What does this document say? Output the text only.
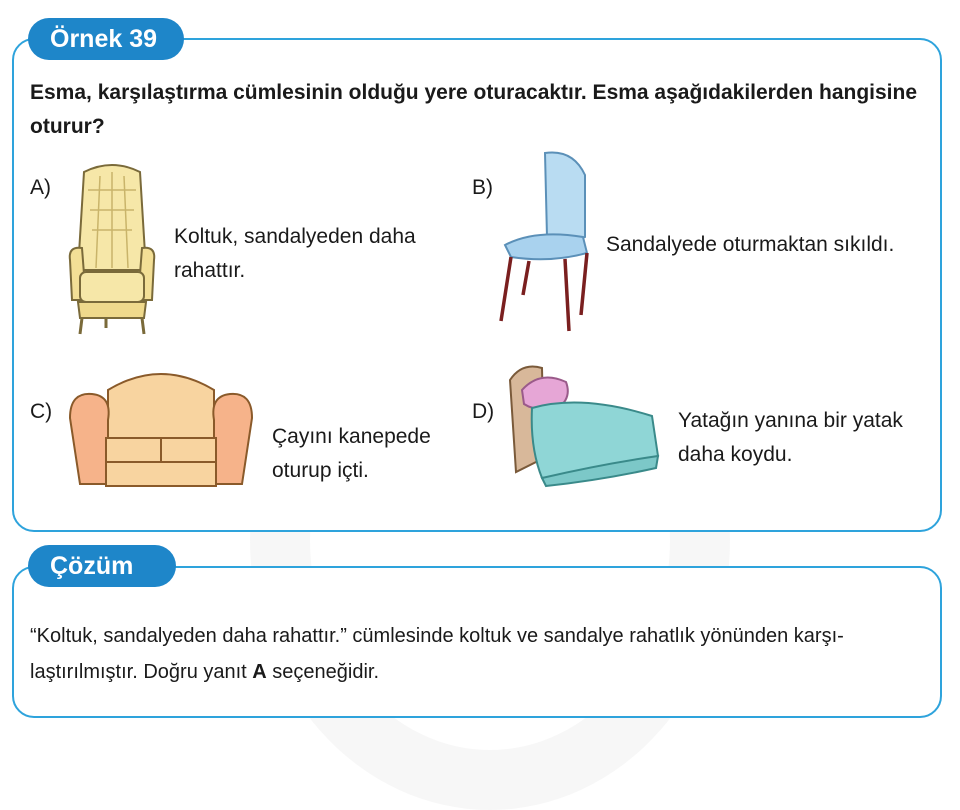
Örnek 39
Esma, karşılaştırma cümlesinin olduğu yere oturacaktır. Esma aşağıdakilerden hangisine oturur?
A)
Koltuk, sandalyeden daha
rahattır.
B)
Sandalyede oturmaktan sıkıldı.
C)
Çayını kanepede
oturup içti.
D)	Yatağın yanına bir yatak
daha koydu.
Çözüm
“Koltuk, sandalyeden daha rahattır.” cümlesinde koltuk ve sandalye rahatlık yönünden karşı-
laştırılmıştır. Doğru yanıt A seçeneğidir.
